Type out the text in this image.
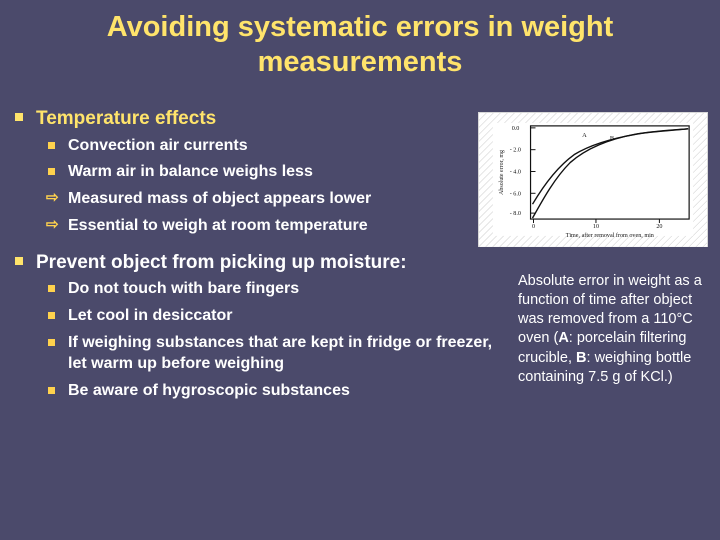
Avoiding systematic errors in weight measurements
Temperature effects
Convection air currents
Warm air in balance weighs less
⇨ Measured mass of object appears lower
⇨ Essential to weigh at room temperature
Prevent object from picking up moisture:
Do not touch with bare fingers
Let cool in desiccator
If weighing substances that are kept in fridge or freezer, let warm up before weighing
Be aware of hygroscopic substances
0.0
- 2.0
- 4.0
- 6.0
- 8.0
Absolute error, mg
0	10	20
Time, after removal from oven, min
A	B
Absolute error in weight as a function of time after object was removed from a 110°C oven (A: porcelain filtering crucible, B: weighing bottle containing 7.5 g of KCl.)
